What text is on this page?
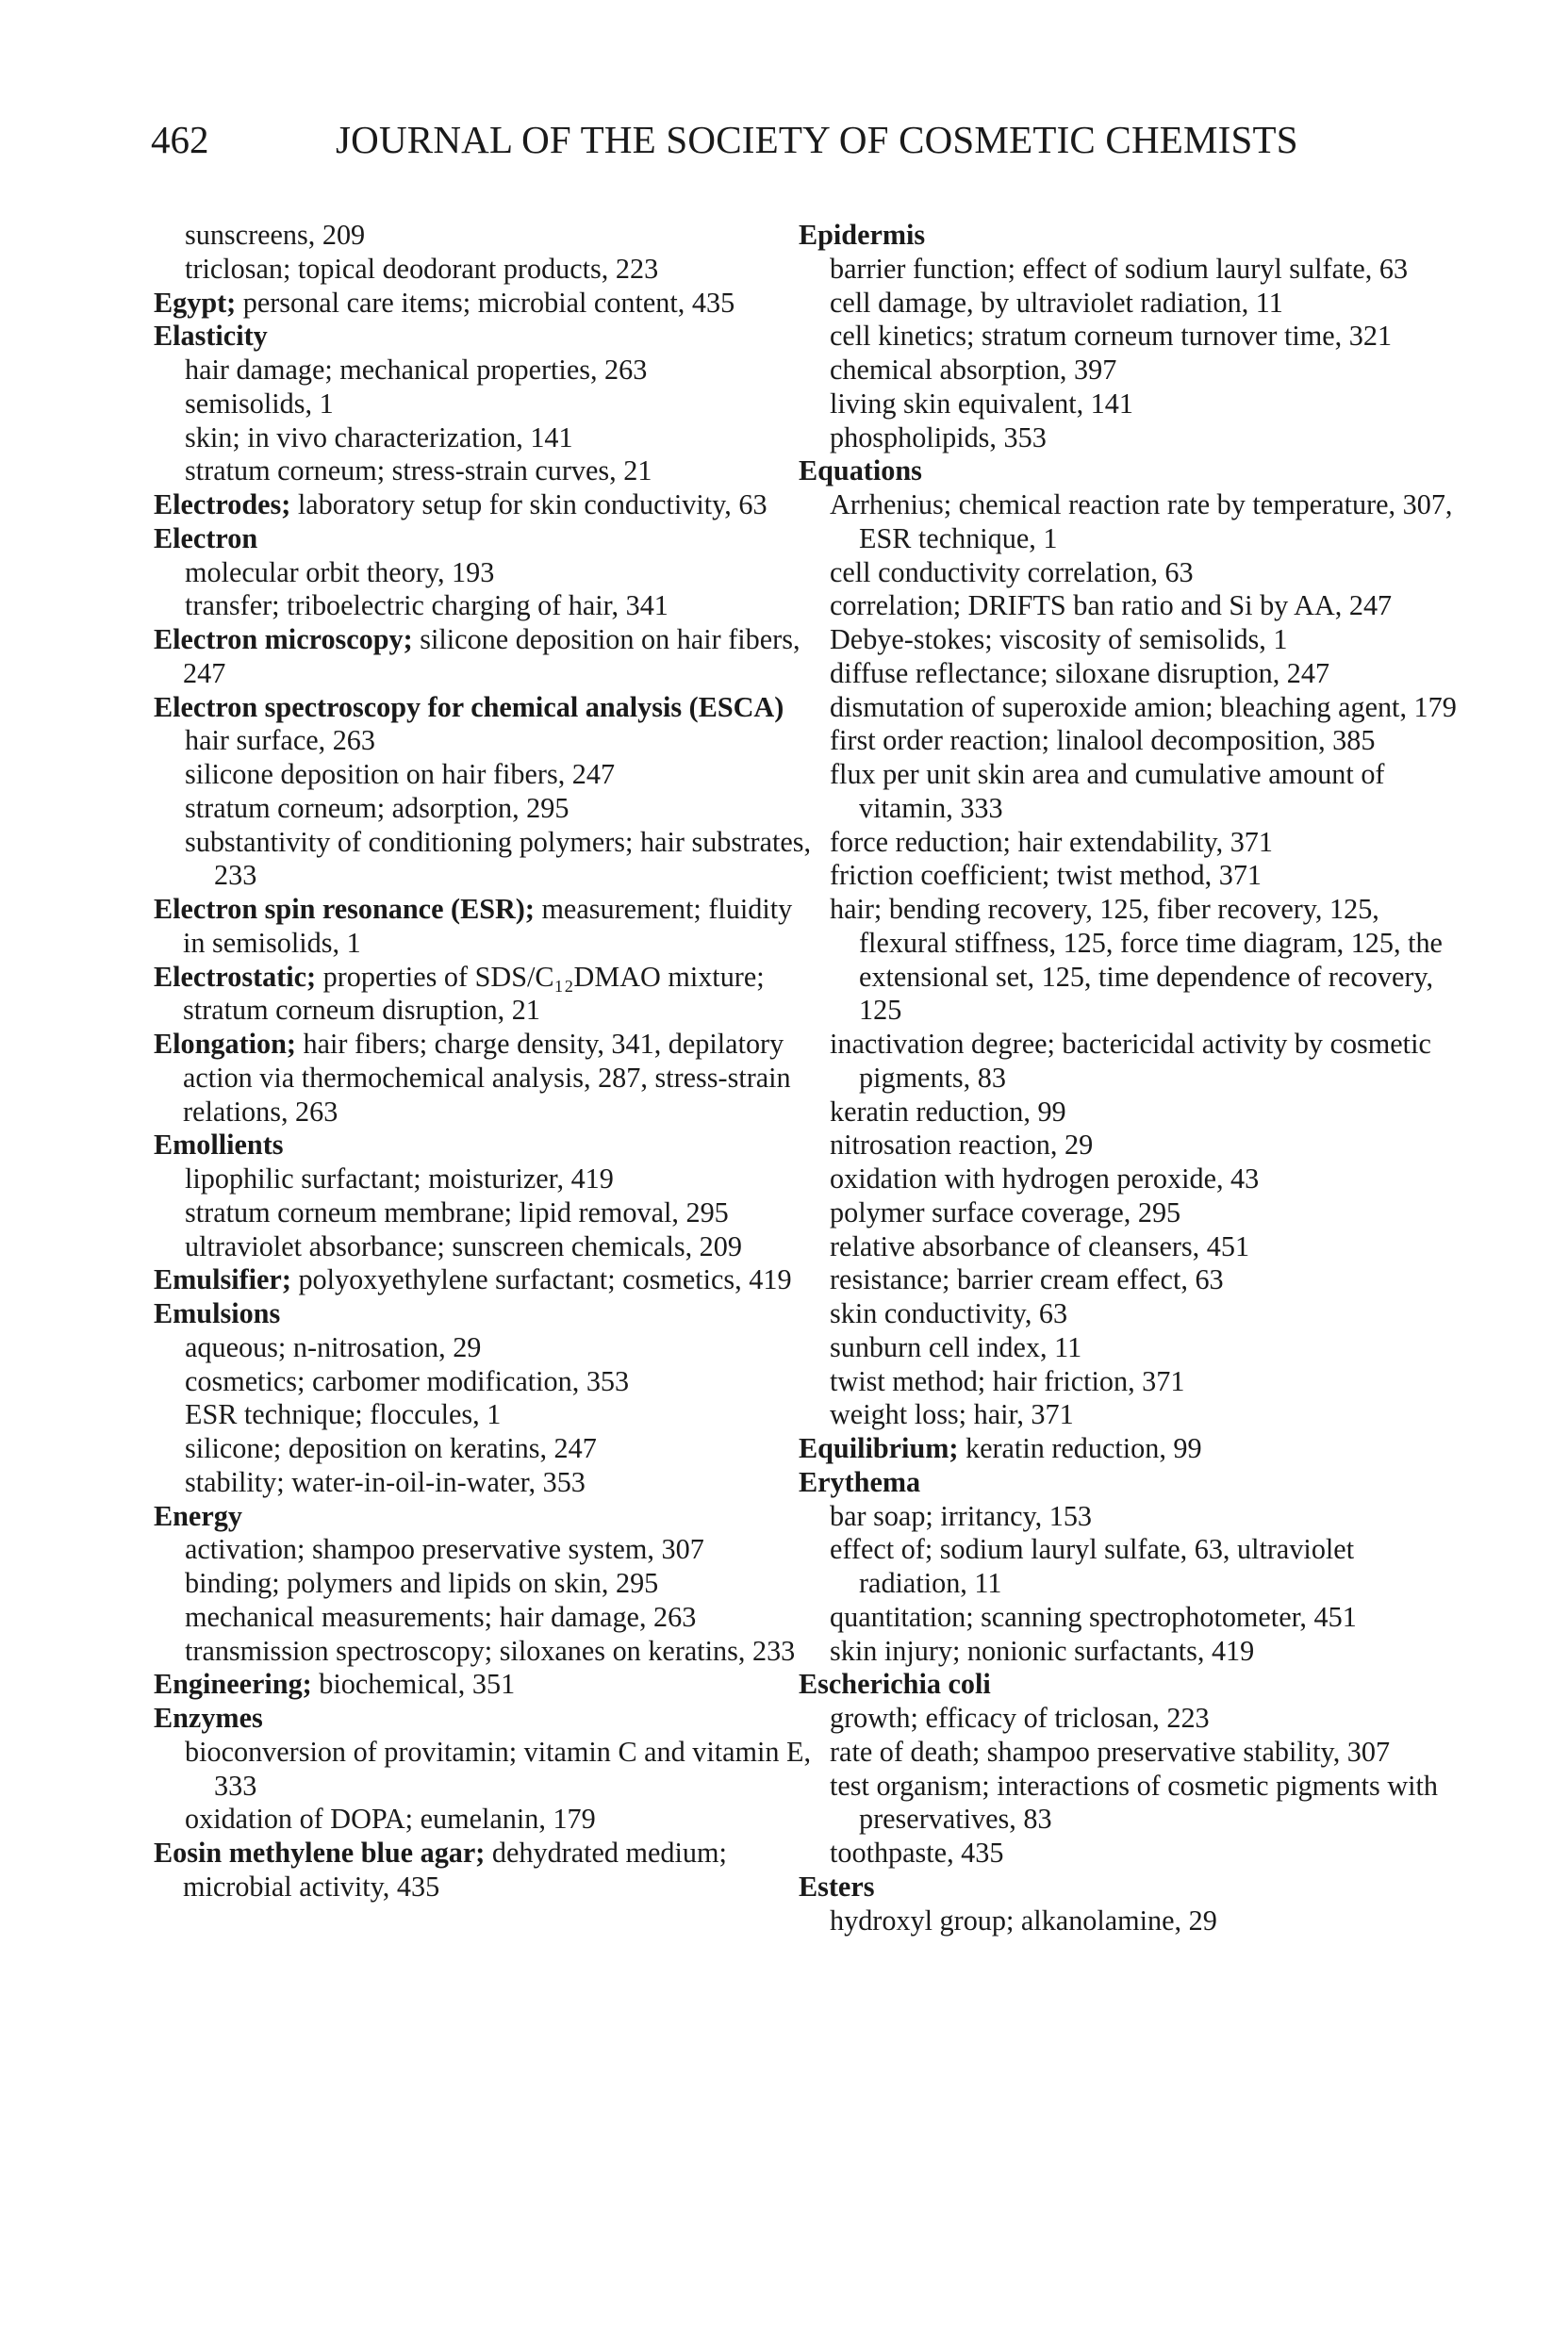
462	JOURNAL OF THE SOCIETY OF COSMETIC CHEMISTS

sunscreens, 209

triclosan; topical deodorant products, 223

Egypt; personal care items; microbial content, 435

Elasticity

hair damage; mechanical properties, 263

semisolids, 1

skin; in vivo characterization, 141

stratum corneum; stress-strain curves, 21

Electrodes; laboratory setup for skin conductivity, 63

Electron

molecular orbit theory, 193

transfer; triboelectric charging of hair, 341

Electron microscopy; silicone deposition on hair fibers, 247

Electron spectroscopy for chemical analysis (ESCA)

hair surface, 263

silicone deposition on hair fibers, 247

stratum corneum; adsorption, 295

substantivity of conditioning polymers; hair substrates, 233

Electron spin resonance (ESR); measurement; fluidity in semisolids, 1

Electrostatic; properties of SDS/C₁₂DMAO mixture; stratum corneum disruption, 21

Elongation; hair fibers; charge density, 341, depilatory action via thermochemical analysis, 287, stress-strain relations, 263

Emollients

lipophilic surfactant; moisturizer, 419

stratum corneum membrane; lipid removal, 295

ultraviolet absorbance; sunscreen chemicals, 209

Emulsifier; polyoxyethylene surfactant; cosmetics, 419

Emulsions

aqueous; n-nitrosation, 29

cosmetics; carbomer modification, 353

ESR technique; floccules, 1

silicone; deposition on keratins, 247

stability; water-in-oil-in-water, 353

Energy

activation; shampoo preservative system, 307

binding; polymers and lipids on skin, 295

mechanical measurements; hair damage, 263

transmission spectroscopy; siloxanes on keratins, 233

Engineering; biochemical, 351

Enzymes

bioconversion of provitamin; vitamin C and vitamin E, 333

oxidation of DOPA; eumelanin, 179

Eosin methylene blue agar; dehydrated medium; microbial activity, 435

Epidermis

barrier function; effect of sodium lauryl sulfate, 63

cell damage, by ultraviolet radiation, 11

cell kinetics; stratum corneum turnover time, 321

chemical absorption, 397

living skin equivalent, 141

phospholipids, 353

Equations

Arrhenius; chemical reaction rate by temperature, 307, ESR technique, 1

cell conductivity correlation, 63

correlation; DRIFTS ban ratio and Si by AA, 247

Debye-stokes; viscosity of semisolids, 1

diffuse reflectance; siloxane disruption, 247

dismutation of superoxide amion; bleaching agent, 179

first order reaction; linalool decomposition, 385

flux per unit skin area and cumulative amount of vitamin, 333

force reduction; hair extendability, 371

friction coefficient; twist method, 371

hair; bending recovery, 125, fiber recovery, 125, flexural stiffness, 125, force time diagram, 125, the extensional set, 125, time dependence of recovery, 125

inactivation degree; bactericidal activity by cosmetic pigments, 83

keratin reduction, 99

nitrosation reaction, 29

oxidation with hydrogen peroxide, 43

polymer surface coverage, 295

relative absorbance of cleansers, 451

resistance; barrier cream effect, 63

skin conductivity, 63

sunburn cell index, 11

twist method; hair friction, 371

weight loss; hair, 371

Equilibrium; keratin reduction, 99

Erythema

bar soap; irritancy, 153

effect of; sodium lauryl sulfate, 63, ultraviolet radiation, 11

quantitation; scanning spectrophotometer, 451

skin injury; nonionic surfactants, 419

Escherichia coli

growth; efficacy of triclosan, 223

rate of death; shampoo preservative stability, 307

test organism; interactions of cosmetic pigments with preservatives, 83

toothpaste, 435

Esters

hydroxyl group; alkanolamine, 29
